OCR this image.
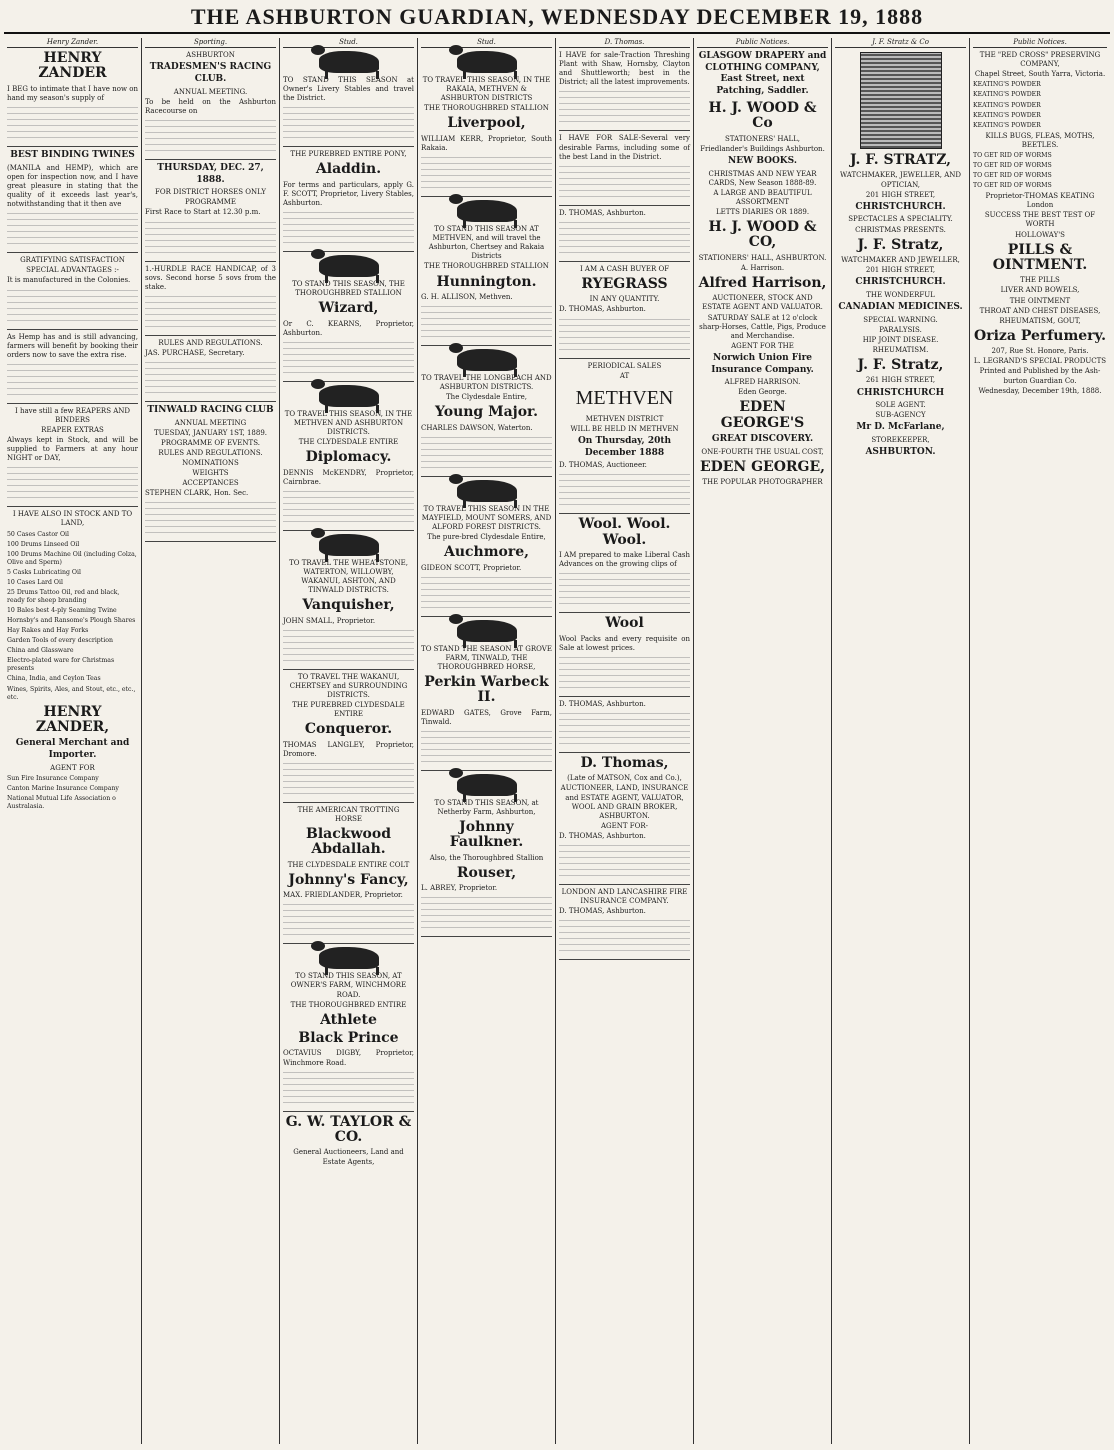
THE ASHBURTON GUARDIAN, WEDNESDAY DECEMBER 19, 1888
Henry Zander.
HENRY ZANDER
I BEG to intimate that I have now on hand my season's supply of
BEST BINDING TWINES
(MANILA and HEMP), which are open for inspection now, and I have great pleasure in stating that the quality of it exceeds last year's, notwithstanding that it then ave
GRATIFYING SATISFACTION
SPECIAL ADVANTAGES :-
It is manufactured in the Colonies.
As Hemp has and is still advancing, farmers will benefit by booking their orders now to save the extra rise.
I have still a few REAPERS AND BINDERS
REAPER EXTRAS
Always kept in Stock, and will be supplied to Farmers at any hour NIGHT or DAY,
I HAVE ALSO IN STOCK AND TO LAND,
50 Cases Castor Oil
100 Drums Linseed Oil
100 Drums Machine Oil (including Colza, Olive and Sperm)
5 Casks Lubricating Oil
10 Cases Lard Oil
25 Drums Tattoo Oil, red and black, ready for sheep branding
10 Bales best 4-ply Seaming Twine
Hornsby's and Ransome's Plough Shares
Hay Rakes and Hay Forks
Garden Tools of every description
China and Glassware
Electro-plated ware for Christmas presents
China, India, and Ceylon Teas
Wines, Spirits, Ales, and Stout, etc., etc., etc.
HENRY ZANDER,
General Merchant and Importer.
AGENT FOR
Sun Fire Insurance Company
Canton Marine Insurance Company
National Mutual Life Association o Australasia.
Sporting.
ASHBURTON
TRADESMEN'S RACING CLUB.
ANNUAL MEETING.
To be held on the Ashburton Racecourse on
THURSDAY, DEC. 27, 1888.
FOR DISTRICT HORSES ONLY
PROGRAMME
First Race to Start at 12.30 p.m.
1.-HURDLE RACE HANDICAP, of 3 sovs. Second horse 5 sovs from the stake.
RULES AND REGULATIONS.
JAS. PURCHASE, Secretary.
TINWALD RACING CLUB
ANNUAL MEETING
TUESDAY, JANUARY 1ST, 1889.
PROGRAMME OF EVENTS.
RULES AND REGULATIONS.
NOMINATIONS
WEIGHTS
ACCEPTANCES
STEPHEN CLARK, Hon. Sec.
Stud.
TO STAND THIS SEASON at Owner's Livery Stables and travel the District.
THE PUREBRED ENTIRE PONY,
Aladdin.
For terms and particulars, apply G. F. SCOTT, Proprietor, Livery Stables, Ashburton.
TO STAND THIS SEASON, THE THOROUGHBRED STALLION
Wizard,
Or C. KEARNS, Proprietor, Ashburton.
TO TRAVEL THIS SEASON, IN THE METHVEN AND ASHBURTON DISTRICTS.
THE CLYDESDALE ENTIRE
Diplomacy.
DENNIS McKENDRY, Proprietor, Cairnbrae.
TO TRAVEL THE WHEATSTONE, WATERTON, WILLOWBY, WAKANUI, ASHTON, AND TINWALD DISTRICTS.
Vanquisher,
JOHN SMALL, Proprietor.
TO TRAVEL THE WAKANUI, CHERTSEY and SURROUNDING DISTRICTS.
THE PUREBRED CLYDESDALE ENTIRE
Conqueror.
THOMAS LANGLEY, Proprietor, Dromore.
THE AMERICAN TROTTING HORSE
Blackwood Abdallah.
THE CLYDESDALE ENTIRE COLT
Johnny's Fancy,
MAX. FRIEDLANDER, Proprietor.
TO STAND THIS SEASON, AT OWNER'S FARM, WINCHMORE ROAD.
THE THOROUGHBRED ENTIRE
Athlete
Black Prince
OCTAVIUS DIGBY, Proprietor, Winchmore Road.
G. W. TAYLOR & CO.
General Auctioneers, Land and Estate Agents,
Stud.
TO TRAVEL THIS SEASON, IN THE RAKAIA, METHVEN & ASHBURTON DISTRICTS
THE THOROUGHBRED STALLION
Liverpool,
WILLIAM KERR, Proprietor, South Rakaia.
TO STAND THIS SEASON AT METHVEN, and will travel the Ashburton, Chertsey and Rakaia Districts
THE THOROUGHBRED STALLION
Hunnington.
G. H. ALLISON, Methven.
TO TRAVEL THE LONGBEACH AND ASHBURTON DISTRICTS.
The Clydesdale Entire,
Young Major.
CHARLES DAWSON, Waterton.
TO TRAVEL THIS SEASON IN THE MAYFIELD, MOUNT SOMERS, AND ALFORD FOREST DISTRICTS.
The pure-bred Clydesdale Entire,
Auchmore,
GIDEON SCOTT, Proprietor.
TO STAND THE SEASON AT GROVE FARM, TINWALD, THE THOROUGHBRED HORSE,
Perkin Warbeck II.
EDWARD GATES, Grove Farm, Tinwald.
TO STAND THIS SEASON, at Netherby Farm, Ashburton,
Johnny Faulkner.
Also, the Thoroughbred Stallion
Rouser,
L. ABREY, Proprietor.
D. Thomas.
I HAVE for sale-Traction Threshing Plant with Shaw, Hornsby, Clayton and Shuttleworth; best in the District; all the latest improvements.
I HAVE FOR SALE-Several very desirable Farms, including some of the best Land in the District.
D. THOMAS, Ashburton.
I AM A CASH BUYER OF
RYEGRASS
IN ANY QUANTITY.
D. THOMAS, Ashburton.
PERIODICAL SALES
AT
METHVEN
METHVEN DISTRICT
WILL BE HELD IN METHVEN
On Thursday, 20th December 1888
D. THOMAS, Auctioneer.
Wool. Wool. Wool.
I AM prepared to make Liberal Cash Advances on the growing clips of
Wool
Wool Packs and every requisite on Sale at lowest prices.
D. THOMAS, Ashburton.
D. Thomas,
(Late of MATSON, Cox and Co.),
AUCTIONEER, LAND, INSURANCE and ESTATE AGENT, VALUATOR, WOOL AND GRAIN BROKER, ASHBURTON.
AGENT FOR-
D. THOMAS, Ashburton.
LONDON AND LANCASHIRE FIRE INSURANCE COMPANY.
D. THOMAS, Ashburton.
Public Notices.
GLASGOW DRAPERY and CLOTHING COMPANY, East Street, next Patching, Saddler.
H. J. WOOD & Co
STATIONERS' HALL,
Friedlander's Buildings Ashburton.
NEW BOOKS.
CHRISTMAS AND NEW YEAR CARDS, New Season 1888-89.
A LARGE AND BEAUTIFUL ASSORTMENT
LETTS DIARIES OR 1889.
H. J. WOOD & CO,
STATIONERS' HALL, ASHBURTON.
A. Harrison.
Alfred Harrison,
AUCTIONEER, STOCK AND ESTATE AGENT AND VALUATOR.
SATURDAY SALE at 12 o'clock sharp-Horses, Cattle, Pigs, Produce and Merchandise.
AGENT FOR THE
Norwich Union Fire Insurance Company.
ALFRED HARRISON.
Eden George.
EDEN GEORGE'S
GREAT DISCOVERY.
ONE-FOURTH THE USUAL COST,
EDEN GEORGE,
THE POPULAR PHOTOGRAPHER
J. F. Stratz & Co
J. F. STRATZ,
WATCHMAKER, JEWELLER, AND OPTICIAN,
201 HIGH STREET,
CHRISTCHURCH.
SPECTACLES A SPECIALITY.
CHRISTMAS PRESENTS.
J. F. Stratz,
WATCHMAKER AND JEWELLER,
201 HIGH STREET,
CHRISTCHURCH.
THE WONDERFUL
CANADIAN MEDICINES.
SPECIAL WARNING.
PARALYSIS.
HIP JOINT DISEASE.
RHEUMATISM.
J. F. Stratz,
261 HIGH STREET,
CHRISTCHURCH
SOLE AGENT.
SUB-AGENCY
Mr D. McFarlane,
STOREKEEPER,
ASHBURTON.
Public Notices.
THE "RED CROSS" PRESERVING COMPANY,
Chapel Street, South Yarra, Victoria.
KEATING'S POWDER
KEATING'S POWDER
KEATING'S POWDER
KEATING'S POWDER
KEATING'S POWDER
KILLS BUGS, FLEAS, MOTHS, BEETLES.
TO GET RID OF WORMS
TO GET RID OF WORMS
TO GET RID OF WORMS
TO GET RID OF WORMS
Proprietor-THOMAS KEATING London
SUCCESS THE BEST TEST OF WORTH
HOLLOWAY'S
PILLS & OINTMENT.
THE PILLS
LIVER AND BOWELS,
THE OINTMENT
THROAT AND CHEST DISEASES,
RHEUMATISM, GOUT,
Oriza Perfumery.
207, Rue St. Honore, Paris.
L. LEGRAND'S SPECIAL PRODUCTS
Printed and Published by the Ash- burton Guardian Co.
Wednesday, December 19th, 1888.
